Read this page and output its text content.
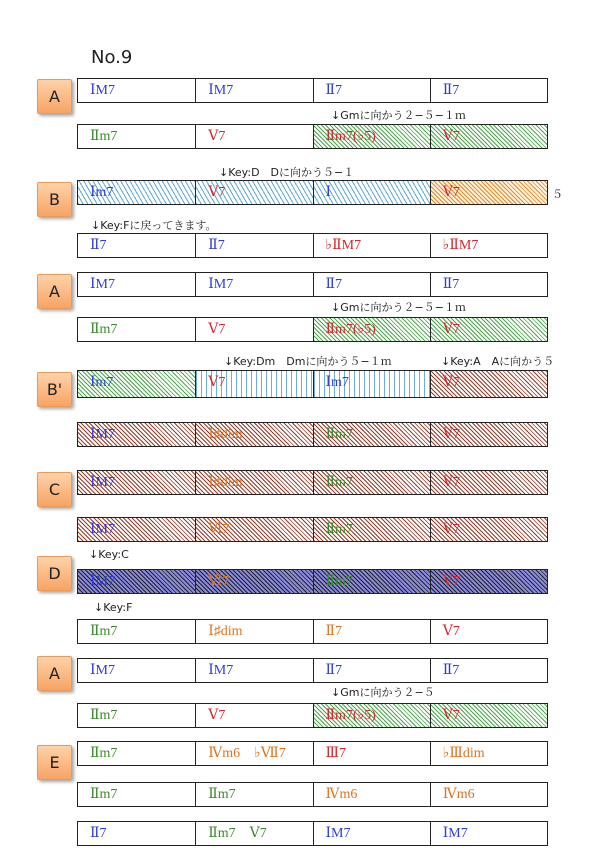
No.9
A
B
A
B'
C
D
A
E
↓Gmに向かう２−５−１ｍ
↓Key:D　Dに向かう５−１
５
↓Key:Fに戻ってきます。
↓Gmに向かう２−５−１ｍ
↓Key:Dm　Dmに向かう５−１ｍ	↓Key:A　Aに向かう５
↓Key:C
↓Key:F
↓Gmに向かう２−５
ⅠM7	ⅠM7	Ⅱ7	Ⅱ7
Ⅱm7	Ⅴ7	Ⅱm7(♭5)	Ⅴ7
Ⅰm7	Ⅴ7	Ⅰ	Ⅴ7
Ⅱ7	Ⅱ7	♭ⅡM7	♭ⅡM7
ⅠM7	ⅠM7	Ⅱ7	Ⅱ7
Ⅱm7	Ⅴ7	Ⅱm7(♭5)	Ⅴ7
Ⅰm7	Ⅴ7	Ⅰm7	Ⅴ7
ⅠM7	Ⅰ♯dim	Ⅱm7	Ⅴ7
ⅠM7	Ⅰ♯dim	Ⅱm7	Ⅴ7
ⅠM7	Ⅵ7	Ⅱm7	Ⅴ7
ⅠM7	Ⅵ7	Ⅱm7	Ⅴ7
Ⅱm7	Ⅰ♯dim	Ⅱ7	Ⅴ7
ⅠM7	ⅠM7	Ⅱ7	Ⅱ7
Ⅱm7	Ⅴ7	Ⅱm7(♭5)	Ⅴ7
Ⅱm7	Ⅳm6　♭Ⅶ7	Ⅲ7	♭Ⅲdim
Ⅱm7	Ⅱm7	Ⅳm6	Ⅳm6
Ⅱ7	Ⅱm7　Ⅴ7	ⅠM7	ⅠM7
